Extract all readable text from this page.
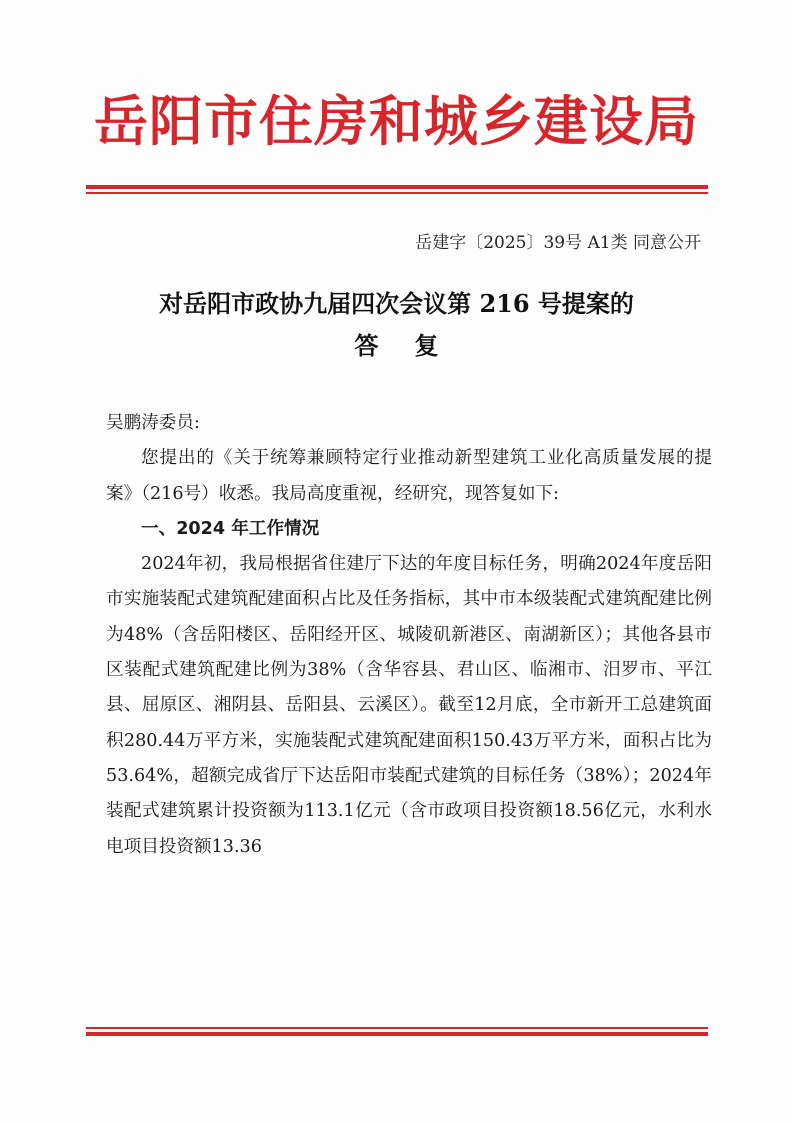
岳阳市住房和城乡建设局
岳建字〔2025〕39号 A1类 同意公开
对岳阳市政协九届四次会议第 216 号提案的
答复

吴鹏涛委员:

您提出的《关于统筹兼顾特定行业推动新型建筑工业化高质量发展的提案》（216号）收悉。我局高度重视，经研究，现答复如下:

一、2024 年工作情况

2024年初，我局根据省住建厅下达的年度目标任务，明确2024年度岳阳市实施装配式建筑配建面积占比及任务指标，其中市本级装配式建筑配建比例为48%（含岳阳楼区、岳阳经开区、城陵矶新港区、南湖新区）；其他各县市区装配式建筑配建比例为38%（含华容县、君山区、临湘市、汨罗市、平江县、屈原区、湘阴县、岳阳县、云溪区）。截至12月底，全市新开工总建筑面积280.44万平方米，实施装配式建筑配建面积150.43万平方米，面积占比为53.64%，超额完成省厅下达岳阳市装配式建筑的目标任务（38%）；2024年装配式建筑累计投资额为113.1亿元（含市政项目投资额18.56亿元，水利水电项目投资额13.36
